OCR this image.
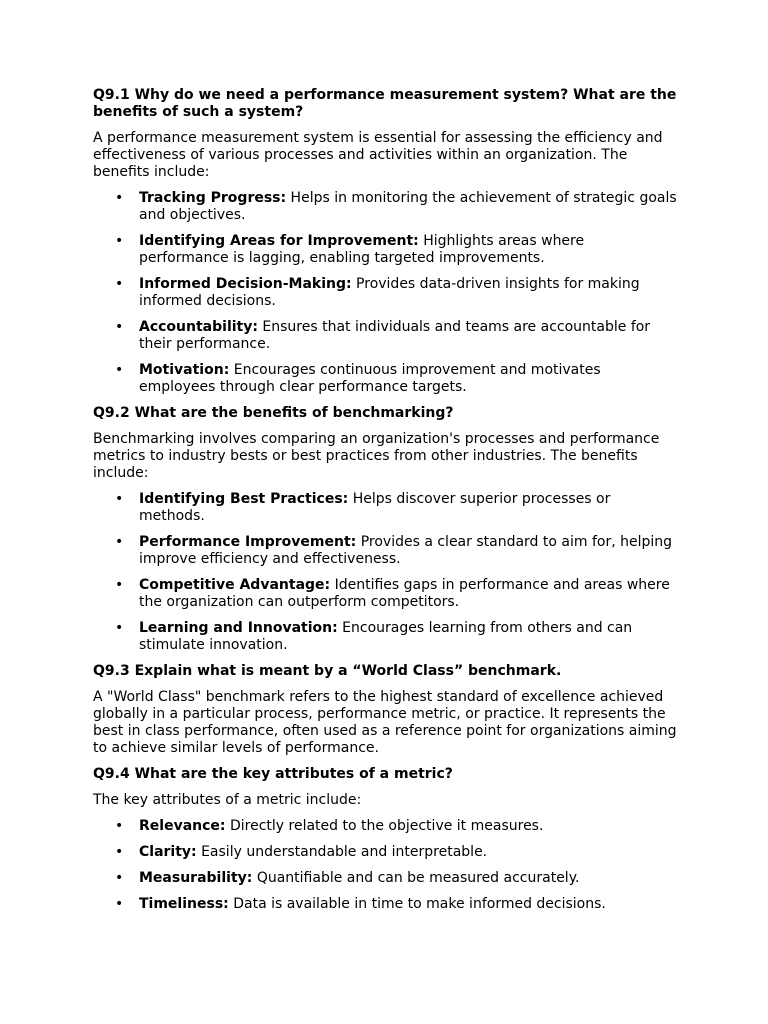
Q9.1 Why do we need a performance measurement system? What are the benefits of such a system?
A performance measurement system is essential for assessing the efficiency and effectiveness of various processes and activities within an organization. The benefits include:
• Tracking Progress: Helps in monitoring the achievement of strategic goals and objectives.
• Identifying Areas for Improvement: Highlights areas where performance is lagging, enabling targeted improvements.
• Informed Decision-Making: Provides data-driven insights for making informed decisions.
• Accountability: Ensures that individuals and teams are accountable for their performance.
• Motivation: Encourages continuous improvement and motivates employees through clear performance targets.
Q9.2 What are the benefits of benchmarking?
Benchmarking involves comparing an organization's processes and performance metrics to industry bests or best practices from other industries. The benefits include:
• Identifying Best Practices: Helps discover superior processes or methods.
• Performance Improvement: Provides a clear standard to aim for, helping improve efficiency and effectiveness.
• Competitive Advantage: Identifies gaps in performance and areas where the organization can outperform competitors.
• Learning and Innovation: Encourages learning from others and can stimulate innovation.
Q9.3 Explain what is meant by a “World Class” benchmark.
A "World Class" benchmark refers to the highest standard of excellence achieved globally in a particular process, performance metric, or practice. It represents the best in class performance, often used as a reference point for organizations aiming to achieve similar levels of performance.
Q9.4 What are the key attributes of a metric?
The key attributes of a metric include:
• Relevance: Directly related to the objective it measures.
• Clarity: Easily understandable and interpretable.
• Measurability: Quantifiable and can be measured accurately.
• Timeliness: Data is available in time to make informed decisions.
